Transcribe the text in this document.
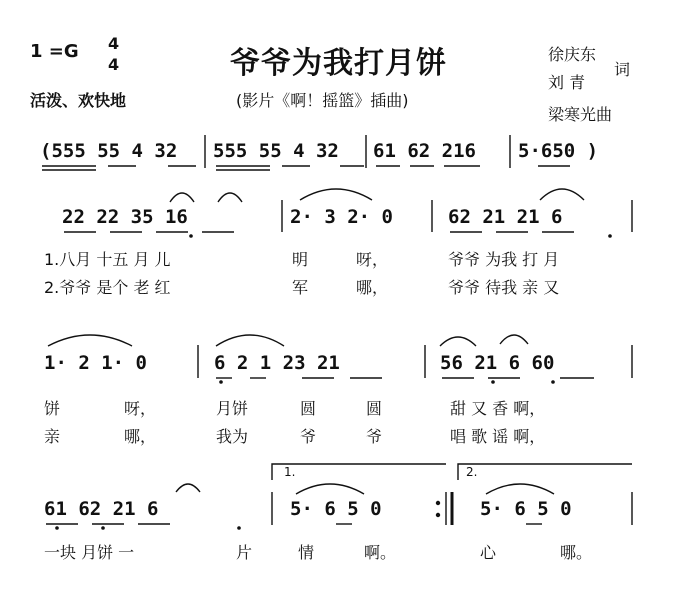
1 =G 4
4
活泼、欢快地
爷爷为我打月饼
(影片《啊！摇篮》插曲)
徐庆东
刘 青
词
梁寒光曲
(555 55 4 32 555 55 4 32 61 62 216 5·650 )
22 22 35 16	2· 3 2· 0	62 21 21 6
1.八月 十五 月 儿	明	呀，	爷爷 为我 打 月
2.爷爷 是个 老 红	军	哪，	爷爷 待我 亲 又
1· 2 1· 0	6 2 1 23 21	56 21 6 60
饼	呀，	月饼	圆	圆	甜 又 香 啊，
亲	哪，	我为	爷	爷	唱 歌 谣 啊，
61 62 21 6	5· 6 5 0	5· 6 5 0
1.	2.
一块 月饼 一	片	情	啊。	心	哪。
